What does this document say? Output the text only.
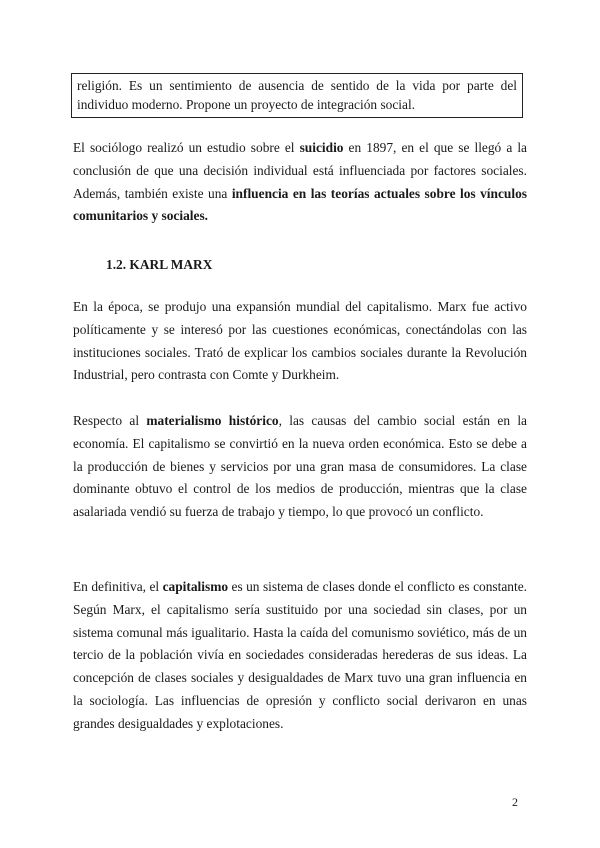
religión. Es un sentimiento de ausencia de sentido de la vida por parte del individuo moderno. Propone un proyecto de integración social.

El sociólogo realizó un estudio sobre el suicidio en 1897, en el que se llegó a la conclusión de que una decisión individual está influenciada por factores sociales. Además, también existe una influencia en las teorías actuales sobre los vínculos comunitarios y sociales.

1.2. KARL MARX

En la época, se produjo una expansión mundial del capitalismo. Marx fue activo políticamente y se interesó por las cuestiones económicas, conectándolas con las instituciones sociales. Trató de explicar los cambios sociales durante la Revolución Industrial, pero contrasta con Comte y Durkheim.

Respecto al materialismo histórico, las causas del cambio social están en la economía. El capitalismo se convirtió en la nueva orden económica. Esto se debe a la producción de bienes y servicios por una gran masa de consumidores. La clase dominante obtuvo el control de los medios de producción, mientras que la clase asalariada vendió su fuerza de trabajo y tiempo, lo que provocó un conflicto.

En definitiva, el capitalismo es un sistema de clases donde el conflicto es constante. Según Marx, el capitalismo sería sustituido por una sociedad sin clases, por un sistema comunal más igualitario. Hasta la caída del comunismo soviético, más de un tercio de la población vivía en sociedades consideradas herederas de sus ideas. La concepción de clases sociales y desigualdades de Marx tuvo una gran influencia en la sociología. Las influencias de opresión y conflicto social derivaron en unas grandes desigualdades y explotaciones.

2
